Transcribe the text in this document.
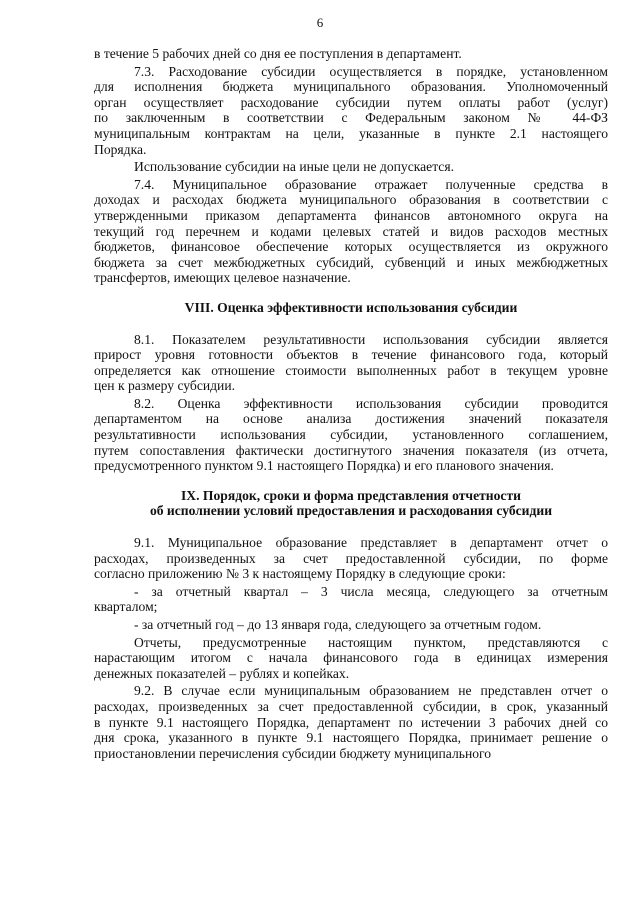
6
в течение 5 рабочих дней со дня ее поступления в департамент.
7.3. Расходование субсидии осуществляется в порядке, установленном
для исполнения бюджета муниципального образования. Уполномоченный
орган осуществляет расходование субсидии путем оплаты работ (услуг)
по заключенным в соответствии с Федеральным законом № 44-ФЗ
муниципальным контрактам на цели, указанные в пункте 2.1 настоящего
Порядка.
Использование субсидии на иные цели не допускается.
7.4. Муниципальное образование отражает полученные средства в
доходах и расходах бюджета муниципального образования в соответствии с
утвержденными приказом департамента финансов автономного округа на
текущий год перечнем и кодами целевых статей и видов расходов местных
бюджетов, финансовое обеспечение которых осуществляется из окружного
бюджета за счет межбюджетных субсидий, субвенций и иных межбюджетных
трансфертов, имеющих целевое назначение.
VIII. Оценка эффективности использования субсидии
8.1. Показателем результативности использования субсидии является
прирост уровня готовности объектов в течение финансового года, который
определяется как отношение стоимости выполненных работ в текущем уровне
цен к размеру субсидии.
8.2. Оценка эффективности использования субсидии проводится
департаментом на основе анализа достижения значений показателя
результативности использования субсидии, установленного соглашением,
путем сопоставления фактически достигнутого значения показателя (из отчета,
предусмотренного пунктом 9.1 настоящего Порядка) и его планового значения.
IX. Порядок, сроки и форма представления отчетности
об исполнении условий предоставления и расходования субсидии
9.1. Муниципальное образование представляет в департамент отчет о
расходах, произведенных за счет предоставленной субсидии, по форме
согласно приложению № 3 к настоящему Порядку в следующие сроки:
- за отчетный квартал – 3 числа месяца, следующего за отчетным
кварталом;
- за отчетный год – до 13 января года, следующего за отчетным годом.
Отчеты, предусмотренные настоящим пунктом, представляются с
нарастающим итогом с начала финансового года в единицах измерения
денежных показателей – рублях и копейках.
9.2. В случае если муниципальным образованием не представлен отчет о
расходах, произведенных за счет предоставленной субсидии, в срок, указанный
в пункте 9.1 настоящего Порядка, департамент по истечении 3 рабочих дней со
дня срока, указанного в пункте 9.1 настоящего Порядка, принимает решение о
приостановлении перечисления субсидии бюджету муниципального
